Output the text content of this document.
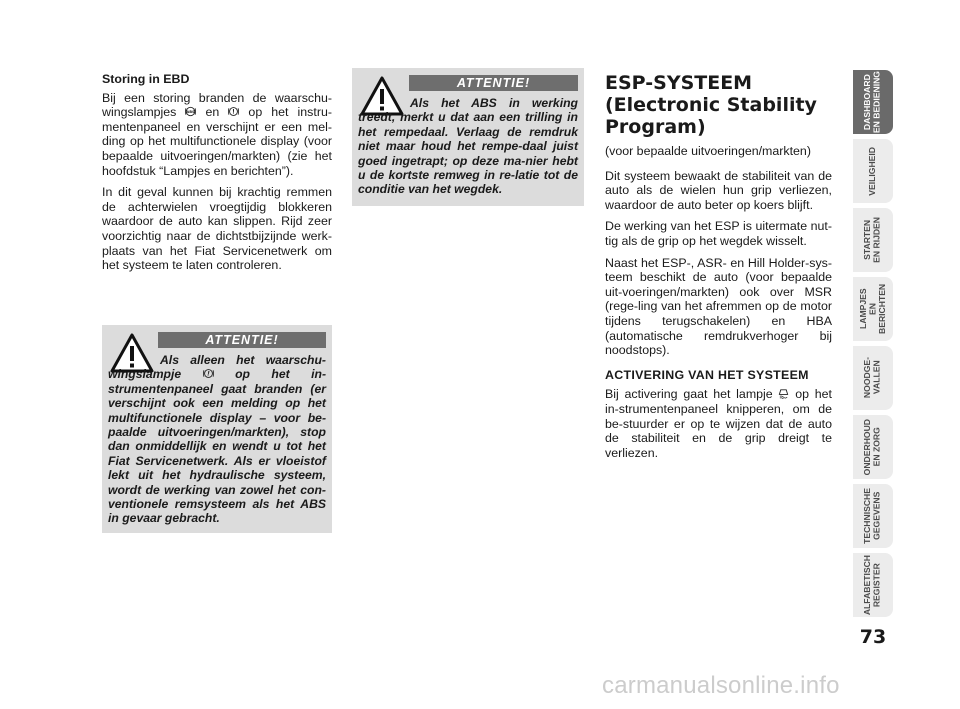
Storing in EBD

Bij een storing branden de waarschu-wingslampjes	ABS en ! op het instru-mentenpaneel en verschijnt er een mel-ding op het multifunctionele display (voor bepaalde uitvoeringen/markten) (zie het hoofdstuk “Lampjes en berichten”).

In dit geval kunnen bij krachtig remmen de achterwielen vroegtijdig blokkeren waardoor de auto kan slippen. Rijd zeer voorzichtig naar de dichtstbijzijnde werk-plaats van het Fiat Servicenetwerk om het systeem te laten controleren.

ATTENTIE!
Als het ABS in werking treedt, merkt u dat aan een trilling in het rempedaal. Verlaag de remdruk niet maar houd het rempe-daal juist goed ingetrapt; op deze ma-nier hebt u de kortste remweg in re-latie tot de conditie van het wegdek.
ATTENTIE!
Als alleen het waarschu-wingslampje	! op het in-strumentenpaneel gaat branden (er verschijnt ook een melding op het multifunctionele display – voor be-paalde uitvoeringen/markten), stop dan onmiddellijk en wendt u tot het Fiat Servicenetwerk. Als er vloeistof lekt uit het hydraulische systeem, wordt de werking van zowel het con-ventionele remsysteem als het ABS in gevaar gebracht.

ESP-SYSTEEM (Electronic Stability Program)

(voor bepaalde uitvoeringen/markten)

Dit systeem bewaakt de stabiliteit van de auto als de wielen hun grip verliezen, waardoor de auto beter op koers blijft.

De werking van het ESP is uitermate nut-tig als de grip op het wegdek wisselt.

Naast het ESP-, ASR- en Hill Holder-sys-teem beschikt de auto (voor bepaalde uit-voeringen/markten) ook over MSR (rege-ling van het afremmen op de motor tijdens terugschakelen) en HBA (automatische remdrukverhoger bij noodstops).

ACTIVERING VAN HET SYSTEEM

Bij activering gaat het lampje op het in-strumentenpaneel knipperen, om de be-stuurder er op te wijzen dat de auto de stabiliteit en de grip dreigt te verliezen.

DASHBOARD
EN BEDIENING
VEILIGHEID
STARTEN
EN RIJDEN
LAMPJES
EN BERICHTEN
NOODGE-
VALLEN
ONDERHOUD
EN ZORG
TECHNISCHE
GEGEVENS
ALFABETISCH
REGISTER
73
carmanualsonline.info
